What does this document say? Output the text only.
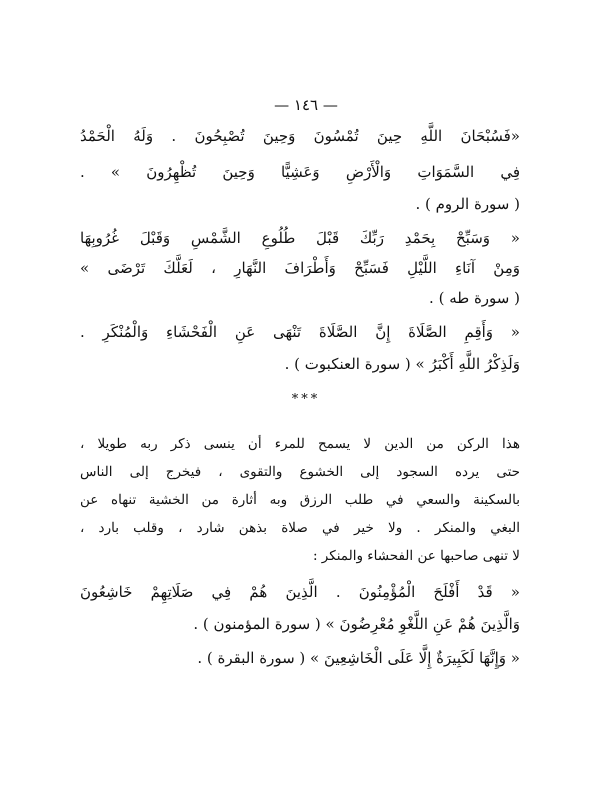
— ١٤٦ —
«فَسُبْحَانَ اللَّهِ حِينَ تُمْسُونَ وَحِينَ تُصْبِحُونَ . وَلَهُ الْحَمْدُ
فِي السَّمَوَاتِ وَالْأَرْضِ وَعَشِيًّا وَحِينَ تُظْهِرُونَ » .
( سورة الروم ) .
« وَسَبِّحْ بِحَمْدِ رَبِّكَ قَبْلَ طُلُوعِ الشَّمْسِ وَقَبْلَ غُرُوبِهَا
وَمِنْ آنَاءِ اللَّيْلِ فَسَبِّحْ وَأَطْرَافَ النَّهَارِ ، لَعَلَّكَ تَرْضَى »
( سورة طه ) .
« وَأَقِمِ الصَّلَاةَ إِنَّ الصَّلَاةَ تَنْهَى عَنِ الْفَحْشَاءِ وَالْمُنْكَرِ .
وَلَذِكْرُ اللَّهِ أَكْبَرُ » ( سورة العنكبوت ) .
***
هذا الركن من الدين لا يسمح للمرء أن ينسى ذكر ربه طويلا ،
حتى يرده السجود إلى الخشوع والتقوى ، فيخرج إلى الناس
بالسكينة والسعي في طلب الرزق وبه أثارة من الخشية تنهاه عن
البغي والمنكر . ولا خير في صلاة بذهن شارد ، وقلب بارد ،
لا تنهى صاحبها عن الفحشاء والمنكر :
« قَدْ أَفْلَحَ الْمُؤْمِنُونَ . الَّذِينَ هُمْ فِي صَلَاتِهِمْ خَاشِعُونَ
وَالَّذِينَ هُمْ عَنِ اللَّغْوِ مُعْرِضُونَ » ( سورة المؤمنون ) .
« وَإِنَّهَا لَكَبِيرَةٌ إِلَّا عَلَى الْخَاشِعِينَ » ( سورة البقرة ) .
